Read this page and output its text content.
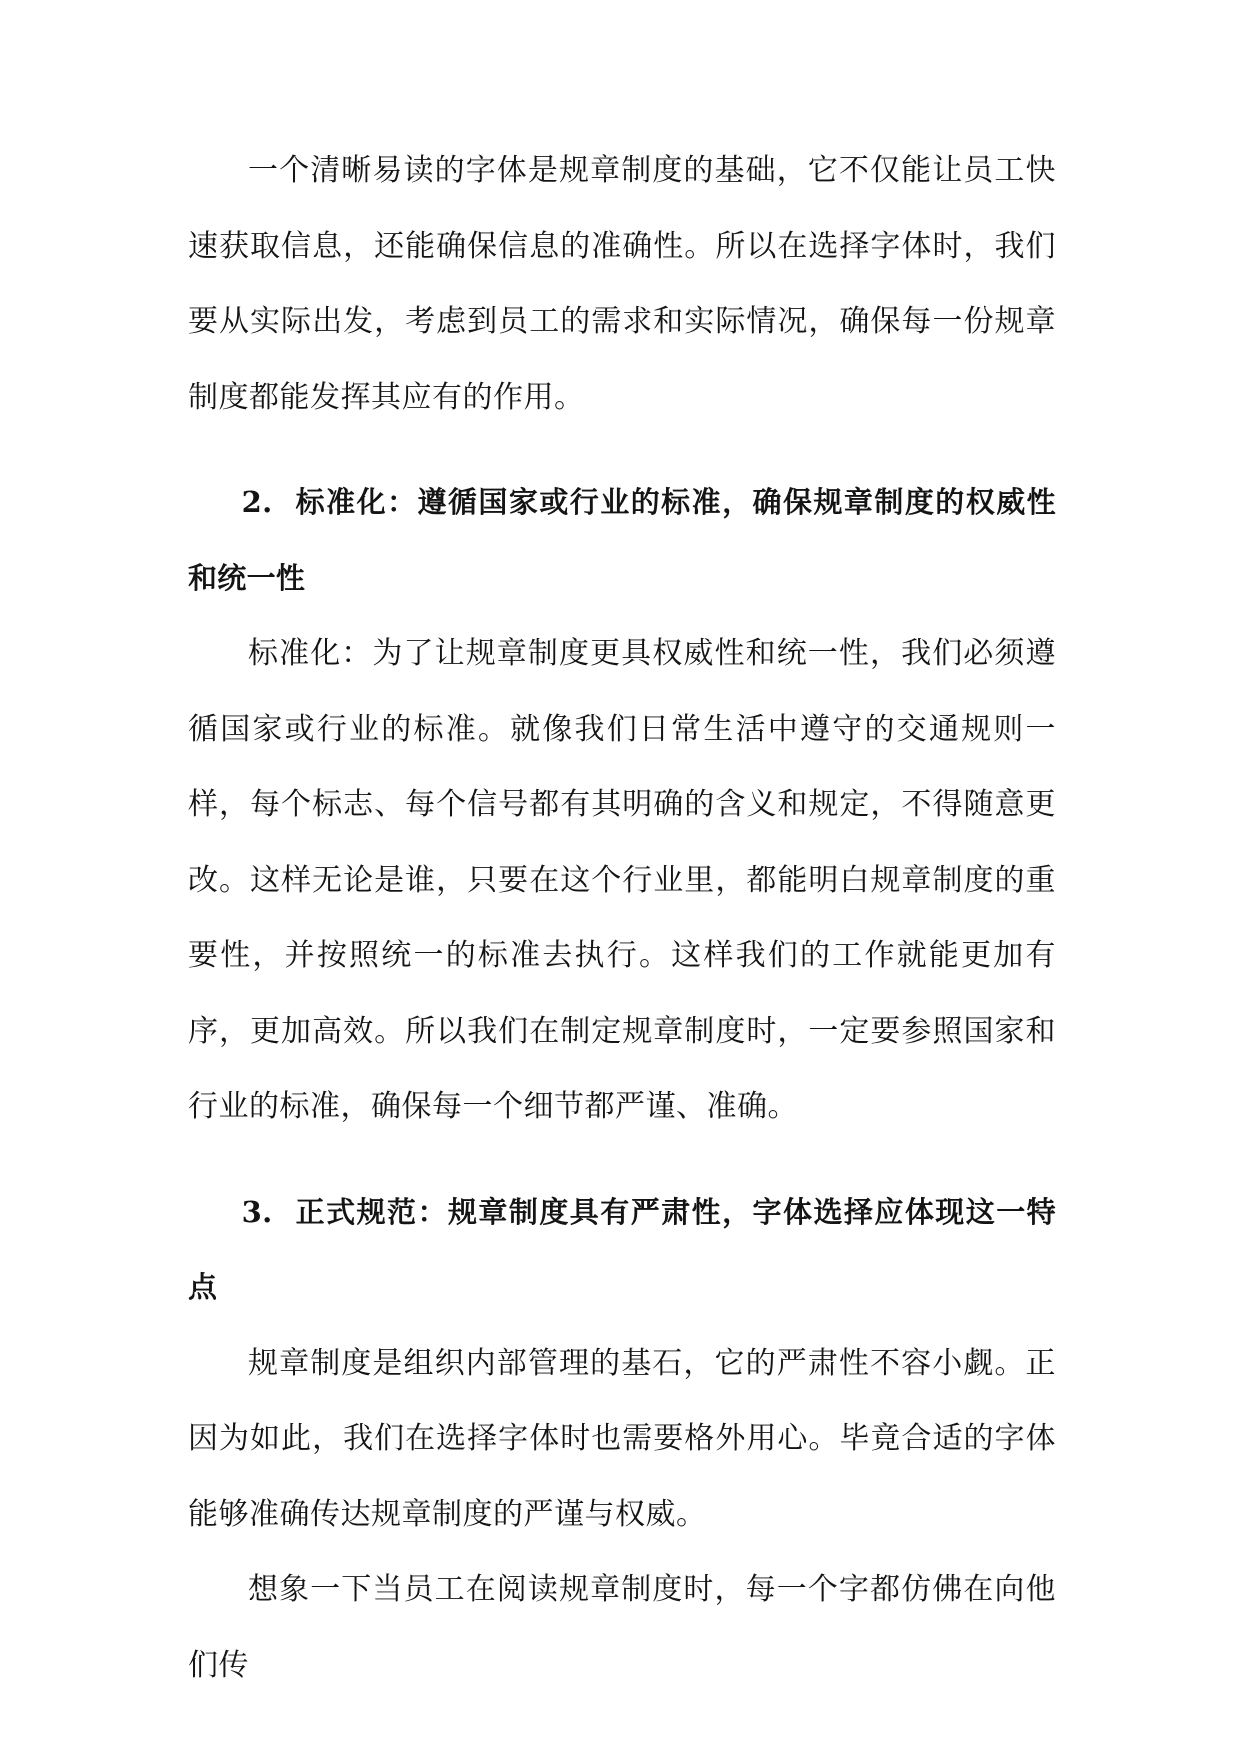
一个清晰易读的字体是规章制度的基础，它不仅能让员工快速获取信息，还能确保信息的准确性。所以在选择字体时，我们要从实际出发，考虑到员工的需求和实际情况，确保每一份规章制度都能发挥其应有的作用。

2. 标准化：遵循国家或行业的标准，确保规章制度的权威性和统一性

标准化：为了让规章制度更具权威性和统一性，我们必须遵循国家或行业的标准。就像我们日常生活中遵守的交通规则一样，每个标志、每个信号都有其明确的含义和规定，不得随意更改。这样无论是谁，只要在这个行业里，都能明白规章制度的重要性，并按照统一的标准去执行。这样我们的工作就能更加有序，更加高效。所以我们在制定规章制度时，一定要参照国家和行业的标准，确保每一个细节都严谨、准确。

3. 正式规范：规章制度具有严肃性，字体选择应体现这一特点

规章制度是组织内部管理的基石，它的严肃性不容小觑。正因为如此，我们在选择字体时也需要格外用心。毕竟合适的字体能够准确传达规章制度的严谨与权威。

想象一下当员工在阅读规章制度时，每一个字都仿佛在向他们传
